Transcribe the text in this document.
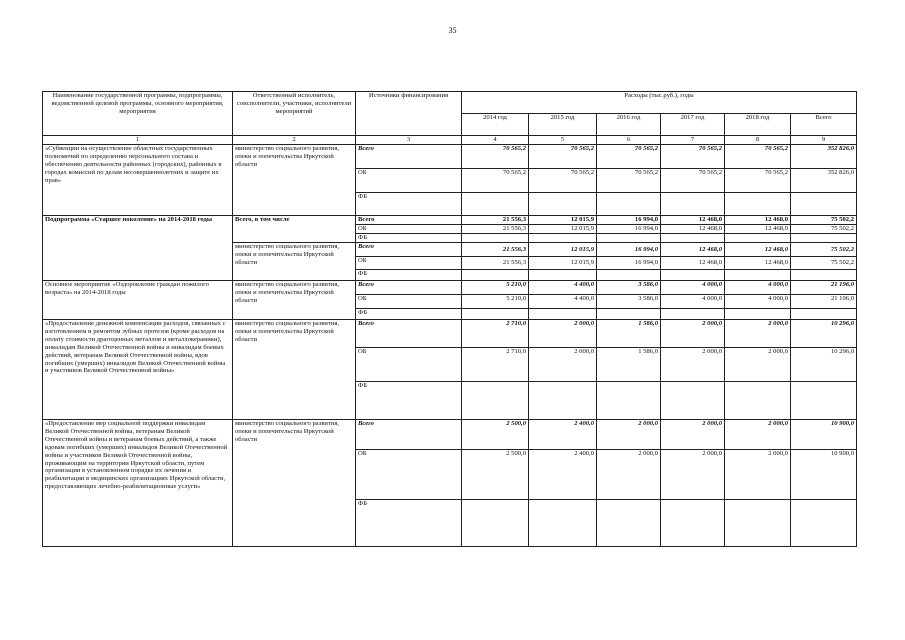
35
Наименование государственной программы, подпрограммы, ведомственной целевой программы, основного мероприятия, мероприятия	Ответственный исполнитель, соисполнители, участники, исполнители мероприятий	Источники финансирования	Расходы (тыс.руб.), годы					
			2014 год	2015 год	2016 год	2017 год	2018 год	Всего
1	2	3	4	5	6	7	8	9
«Субвенции на осуществление областных государственных полномочий по определению персонального состава и обеспечению деятельности районных (городских), районных в городах комиссий по делам несовершеннолетних и защите их прав»	министерство социального развития, опеки и попечительства Иркутской области	Всего	70 565,2	70 565,2	70 565,2	70 565,2	70 565,2	352 826,0
		ОБ	70 565,2	70 565,2	70 565,2	70 565,2	70 565,2	352 826,0
		ФБ						
Подпрограмма «Старшее поколение» на 2014-2018 годы	Всего, в том числе	Всего	21 556,3	12 015,9	16 994,0	12 468,0	12 468,0	75 502,2
		ОБ	21 556,3	12 015,9	16 994,0	12 468,0	12 468,0	75 502,2
		ФБ						
	министерство социального развития, опеки и попечительства Иркутской области	Всего	21 556,3	12 015,9	16 994,0	12 468,0	12 468,0	75 502,2
		ОБ	21 556,3	12 015,9	16 994,0	12 468,0	12 468,0	75 502,2
		ФБ						
Основное мероприятие «Оздоровление граждан пожилого возраста» на 2014-2018 годы	министерство социального развития, опеки и попечительства Иркутской области	Всего	5 210,0	4 400,0	3 586,0	4 000,0	4 000,0	21 196,0
		ОБ	5 210,0	4 400,0	3 586,0	4 000,0	4 000,0	21 196,0
		ФБ						
«Предоставление денежной компенсации расходов, связанных с изготовлением и ремонтом зубных протезов (кроме расходов на оплату стоимости драгоценных металлов и металлокерамики), инвалидам Великой Отечественной войны и инвалидам боевых действий, ветеранам Великой Отечественной войны, вдов погибших (умерших) инвалидов Великой Отечественной войны и участников Великой Отечественной войны»	министерство социального развития, опеки и попечительства Иркутской области	Всего	2 710,0	2 000,0	1 586,0	2 000,0	2 000,0	10 296,0
		ОБ	2 710,0	2 000,0	1 586,0	2 000,0	2 000,0	10 296,0
		ФБ						
«Предоставление мер социальной поддержки инвалидам Великой Отечественной войны, ветеранам Великой Отечественной войны и ветеранам боевых действий, а также вдовам погибших (умерших) инвалидов Великой Отечественной войны и участников Великой Отечественной войны, проживающим на территории Иркутской области, путем организации в установленном порядке их лечения и реабилитации в медицинских организациях Иркутской области, предоставляющих лечебно-реабилитационные услуги»	министерство социального развития, опеки и попечительства Иркутской области	Всего	2 500,0	2 400,0	2 000,0	2 000,0	2 000,0	10 900,0
		ОБ	2 500,0	2 400,0	2 000,0	2 000,0	2 000,0	10 900,0
		ФБ						
